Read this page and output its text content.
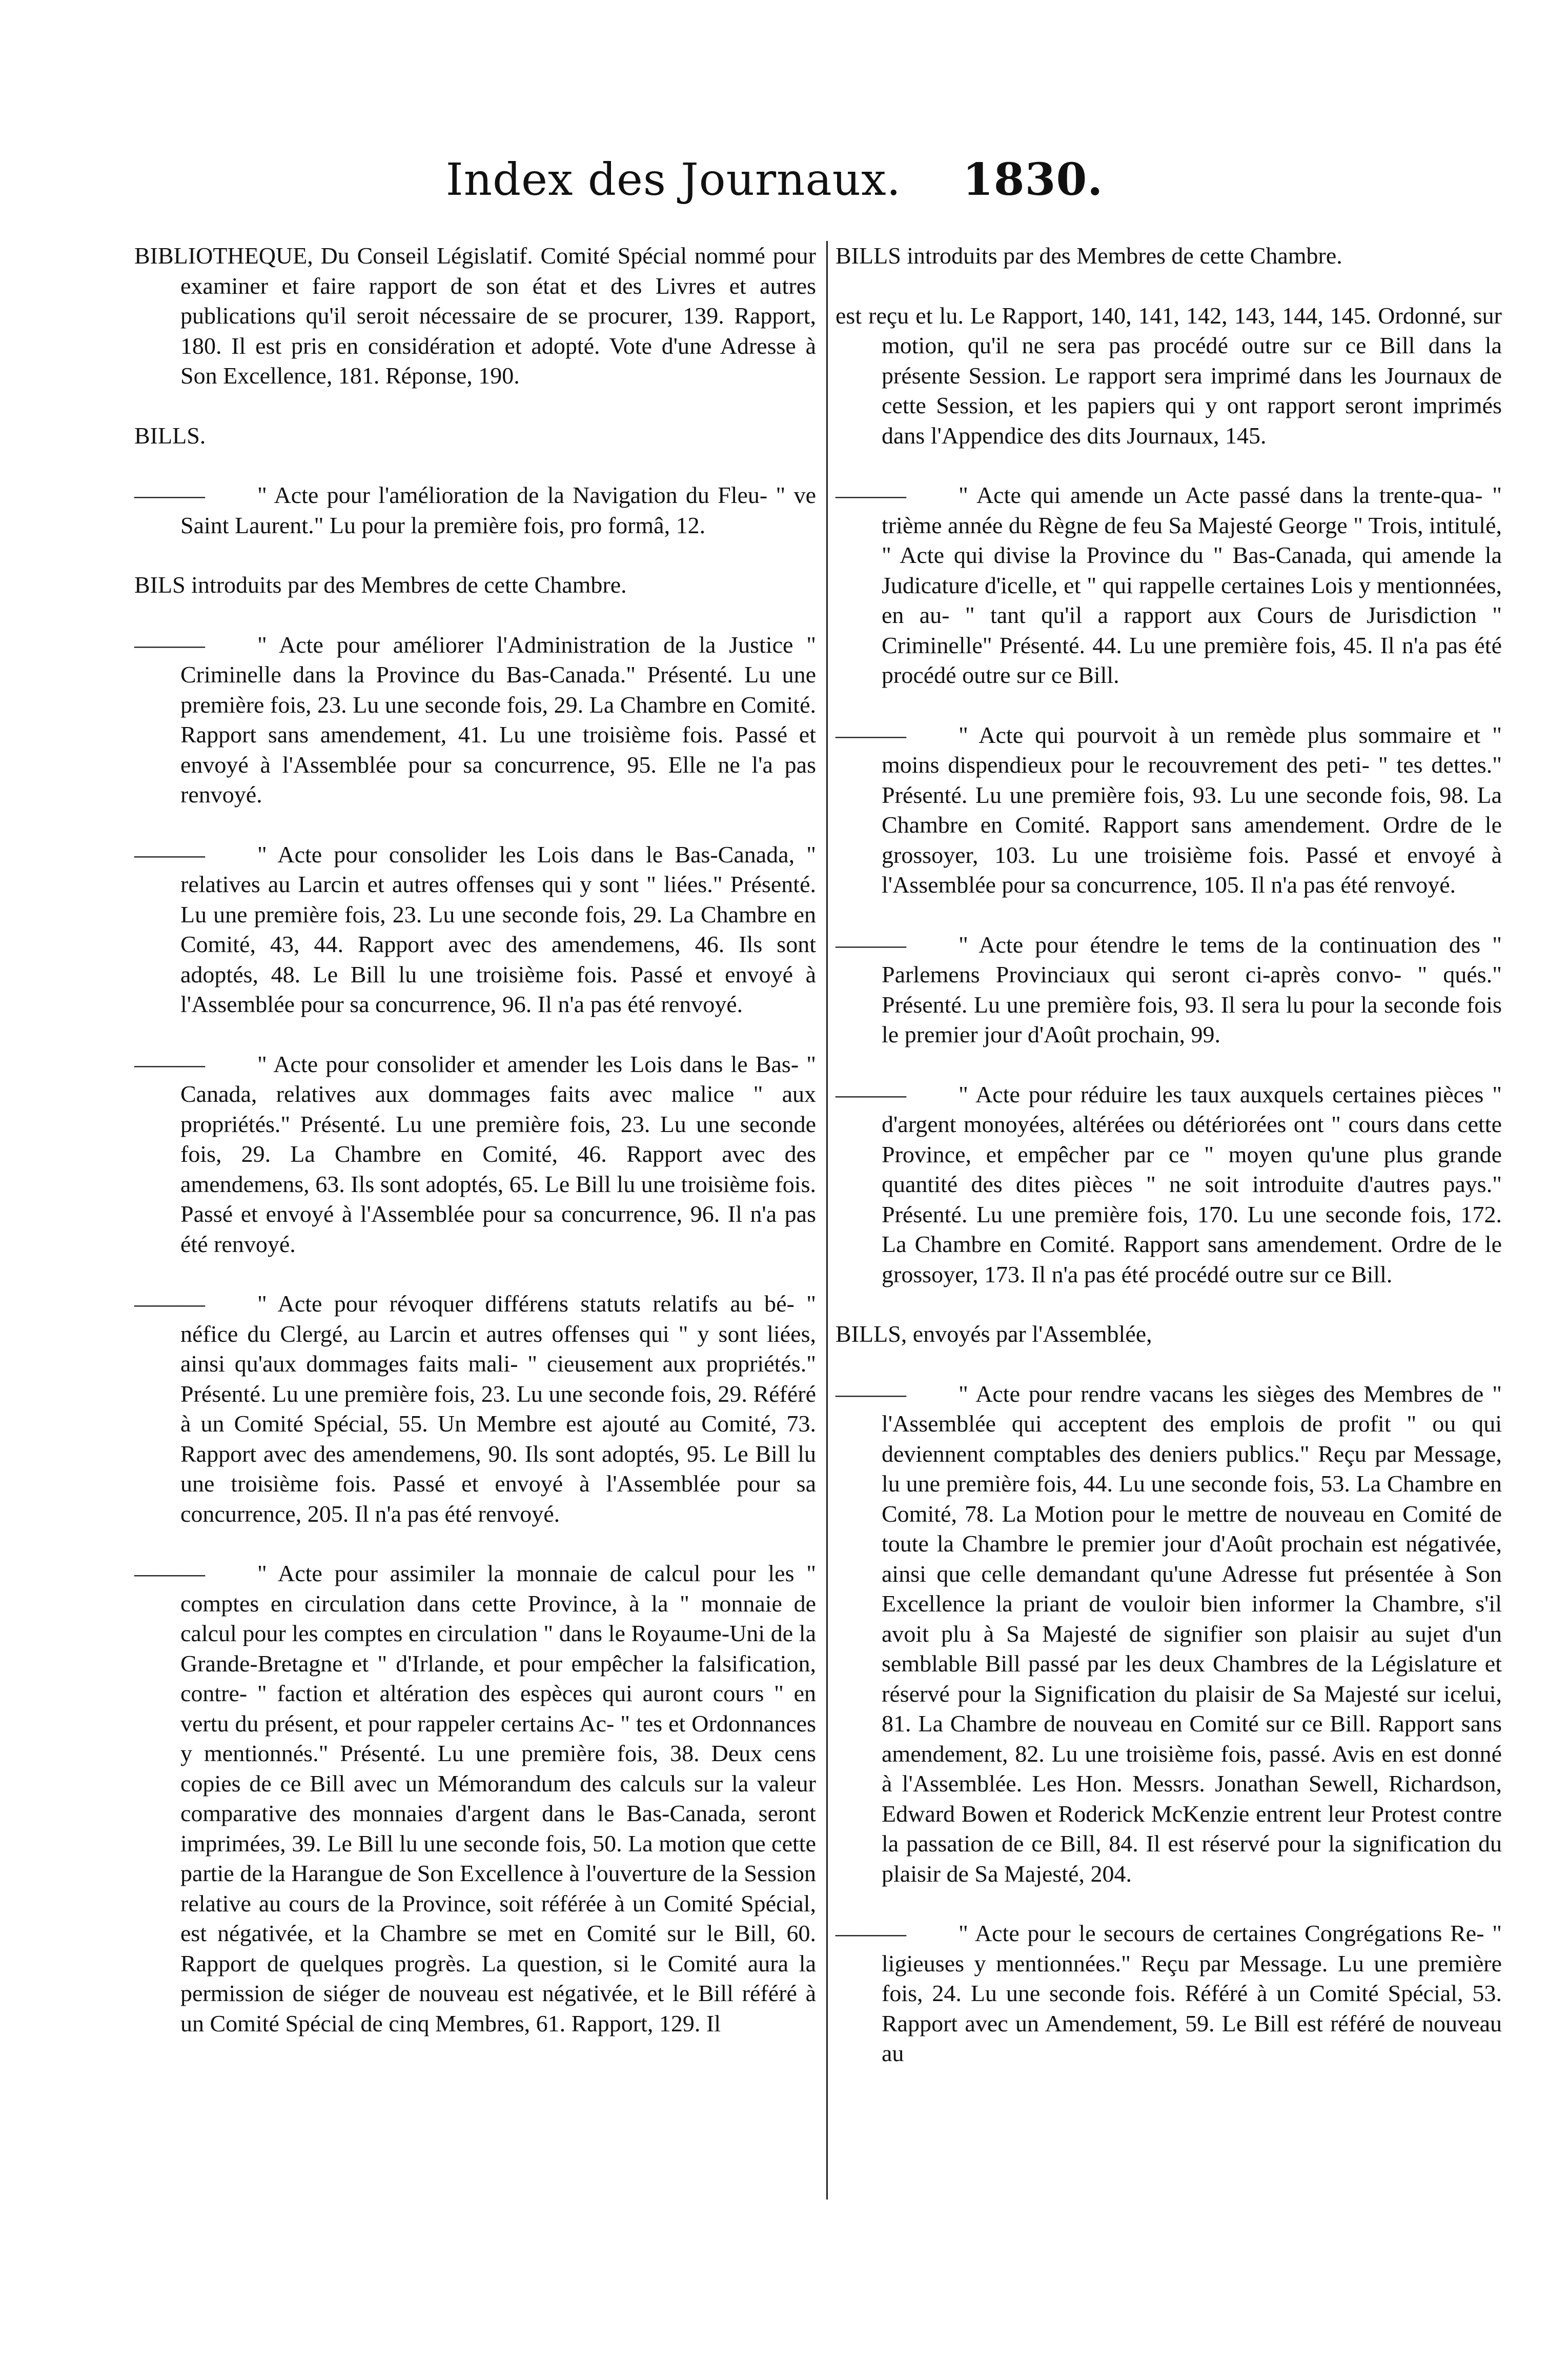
Index des Journaux. 1830.
BIBLIOTHEQUE, Du Conseil Législatif. Comité Spécial nommé pour examiner et faire rapport de son état et des Livres et autres publications qu'il seroit nécessaire de se procurer, 139. Rapport, 180. Il est pris en considération et adopté. Vote d'une Adresse à Son Excellence, 181. Réponse, 190.
BILLS.
——— " Acte pour l'amélioration de la Navigation du Fleu- " ve Saint Laurent." Lu pour la première fois, pro formâ, 12.
BILS introduits par des Membres de cette Chambre.
——— " Acte pour améliorer l'Administration de la Justice " Criminelle dans la Province du Bas-Canada." Présenté. Lu une première fois, 23. Lu une seconde fois, 29. La Chambre en Comité. Rapport sans amendement, 41. Lu une troisième fois. Passé et envoyé à l'Assemblée pour sa concurrence, 95. Elle ne l'a pas renvoyé.
——— " Acte pour consolider les Lois dans le Bas-Canada, " relatives au Larcin et autres offenses qui y sont " liées." Présenté. Lu une première fois, 23. Lu une seconde fois, 29. La Chambre en Comité, 43, 44. Rapport avec des amendemens, 46. Ils sont adoptés, 48. Le Bill lu une troisième fois. Passé et envoyé à l'Assemblée pour sa concurrence, 96. Il n'a pas été renvoyé.
——— " Acte pour consolider et amender les Lois dans le Bas- " Canada, relatives aux dommages faits avec malice " aux propriétés." Présenté. Lu une première fois, 23. Lu une seconde fois, 29. La Chambre en Comité, 46. Rapport avec des amendemens, 63. Ils sont adoptés, 65. Le Bill lu une troisième fois. Passé et envoyé à l'Assemblée pour sa concurrence, 96. Il n'a pas été renvoyé.
——— " Acte pour révoquer différens statuts relatifs au bé- " néfice du Clergé, au Larcin et autres offenses qui " y sont liées, ainsi qu'aux dommages faits mali- " cieusement aux propriétés." Présenté. Lu une première fois, 23. Lu une seconde fois, 29. Référé à un Comité Spécial, 55. Un Membre est ajouté au Comité, 73. Rapport avec des amendemens, 90. Ils sont adoptés, 95. Le Bill lu une troisième fois. Passé et envoyé à l'Assemblée pour sa concurrence, 205. Il n'a pas été renvoyé.
——— " Acte pour assimiler la monnaie de calcul pour les " comptes en circulation dans cette Province, à la " monnaie de calcul pour les comptes en circulation " dans le Royaume-Uni de la Grande-Bretagne et " d'Irlande, et pour empêcher la falsification, contre- " faction et altération des espèces qui auront cours " en vertu du présent, et pour rappeler certains Ac- " tes et Ordonnances y mentionnés." Présenté. Lu une première fois, 38. Deux cens copies de ce Bill avec un Mémorandum des calculs sur la valeur comparative des monnaies d'argent dans le Bas-Canada, seront imprimées, 39. Le Bill lu une seconde fois, 50. La motion que cette partie de la Harangue de Son Excellence à l'ouverture de la Session relative au cours de la Province, soit référée à un Comité Spécial, est négativée, et la Chambre se met en Comité sur le Bill, 60. Rapport de quelques progrès. La question, si le Comité aura la permission de siéger de nouveau est négativée, et le Bill référé à un Comité Spécial de cinq Membres, 61. Rapport, 129. Il
BILLS introduits par des Membres de cette Chambre.
est reçu et lu. Le Rapport, 140, 141, 142, 143, 144, 145. Ordonné, sur motion, qu'il ne sera pas procédé outre sur ce Bill dans la présente Session. Le rapport sera imprimé dans les Journaux de cette Session, et les papiers qui y ont rapport seront imprimés dans l'Appendice des dits Journaux, 145.
——— " Acte qui amende un Acte passé dans la trente-qua- " trième année du Règne de feu Sa Majesté George " Trois, intitulé, " Acte qui divise la Province du " Bas-Canada, qui amende la Judicature d'icelle, et " qui rappelle certaines Lois y mentionnées, en au- " tant qu'il a rapport aux Cours de Jurisdiction " Criminelle" Présenté. 44. Lu une première fois, 45. Il n'a pas été procédé outre sur ce Bill.
——— " Acte qui pourvoit à un remède plus sommaire et " moins dispendieux pour le recouvrement des peti- " tes dettes." Présenté. Lu une première fois, 93. Lu une seconde fois, 98. La Chambre en Comité. Rapport sans amendement. Ordre de le grossoyer, 103. Lu une troisième fois. Passé et envoyé à l'Assemblée pour sa concurrence, 105. Il n'a pas été renvoyé.
——— " Acte pour étendre le tems de la continuation des " Parlemens Provinciaux qui seront ci-après convo- " qués." Présenté. Lu une première fois, 93. Il sera lu pour la seconde fois le premier jour d'Août prochain, 99.
——— " Acte pour réduire les taux auxquels certaines pièces " d'argent monoyées, altérées ou détériorées ont " cours dans cette Province, et empêcher par ce " moyen qu'une plus grande quantité des dites pièces " ne soit introduite d'autres pays." Présenté. Lu une première fois, 170. Lu une seconde fois, 172. La Chambre en Comité. Rapport sans amendement. Ordre de le grossoyer, 173. Il n'a pas été procédé outre sur ce Bill.
BILLS, envoyés par l'Assemblée,
——— " Acte pour rendre vacans les sièges des Membres de " l'Assemblée qui acceptent des emplois de profit " ou qui deviennent comptables des deniers publics." Reçu par Message, lu une première fois, 44. Lu une seconde fois, 53. La Chambre en Comité, 78. La Motion pour le mettre de nouveau en Comité de toute la Chambre le premier jour d'Août prochain est négativée, ainsi que celle demandant qu'une Adresse fut présentée à Son Excellence la priant de vouloir bien informer la Chambre, s'il avoit plu à Sa Majesté de signifier son plaisir au sujet d'un semblable Bill passé par les deux Chambres de la Législature et réservé pour la Signification du plaisir de Sa Majesté sur icelui, 81. La Chambre de nouveau en Comité sur ce Bill. Rapport sans amendement, 82. Lu une troisième fois, passé. Avis en est donné à l'Assemblée. Les Hon. Messrs. Jonathan Sewell, Richardson, Edward Bowen et Roderick McKenzie entrent leur Protest contre la passation de ce Bill, 84. Il est réservé pour la signification du plaisir de Sa Majesté, 204.
——— " Acte pour le secours de certaines Congrégations Re- " ligieuses y mentionnées." Reçu par Message. Lu une première fois, 24. Lu une seconde fois. Référé à un Comité Spécial, 53. Rapport avec un Amendement, 59. Le Bill est référé de nouveau au
